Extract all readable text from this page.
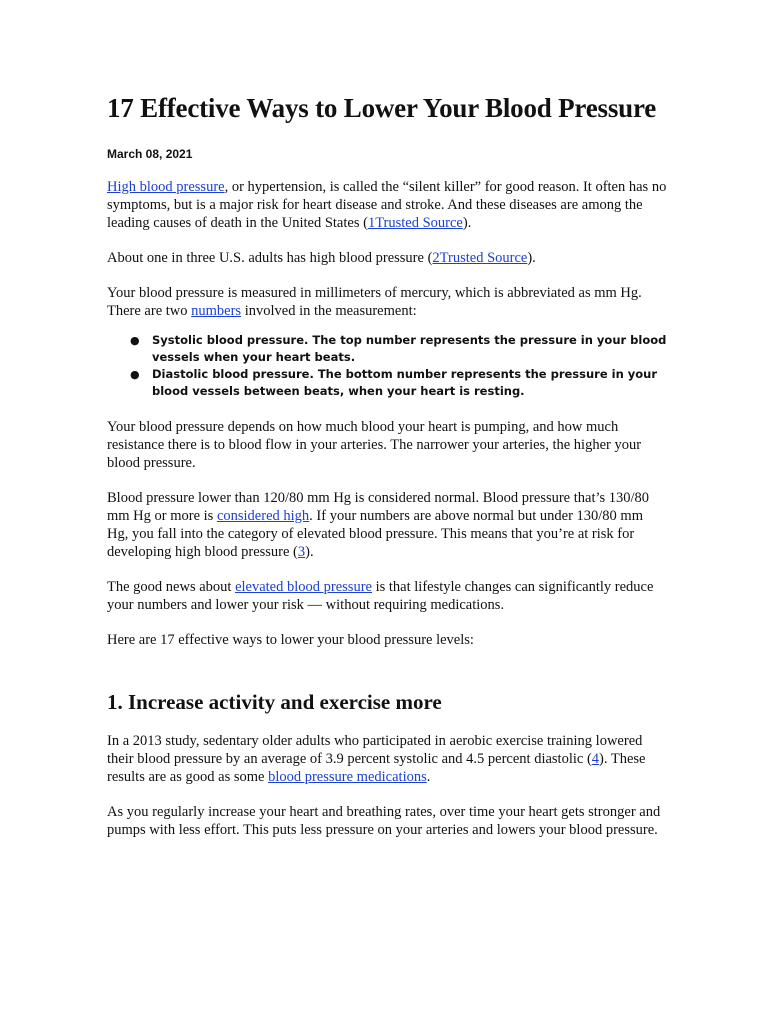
17 Effective Ways to Lower Your Blood Pressure
March 08, 2021

High blood pressure, or hypertension, is called the “silent killer” for good reason. It often has no symptoms, but is a major risk for heart disease and stroke. And these diseases are among the leading causes of death in the United States (1Trusted Source).

About one in three U.S. adults has high blood pressure (2Trusted Source).

Your blood pressure is measured in millimeters of mercury, which is abbreviated as mm Hg. There are two numbers involved in the measurement:

● Systolic blood pressure. The top number represents the pressure in your blood vessels when your heart beats.
● Diastolic blood pressure. The bottom number represents the pressure in your blood vessels between beats, when your heart is resting.

Your blood pressure depends on how much blood your heart is pumping, and how much resistance there is to blood flow in your arteries. The narrower your arteries, the higher your blood pressure.

Blood pressure lower than 120/80 mm Hg is considered normal. Blood pressure that’s 130/80 mm Hg or more is considered high. If your numbers are above normal but under 130/80 mm Hg, you fall into the category of elevated blood pressure. This means that you’re at risk for developing high blood pressure (3).

The good news about elevated blood pressure is that lifestyle changes can significantly reduce your numbers and lower your risk — without requiring medications.

Here are 17 effective ways to lower your blood pressure levels:

1. Increase activity and exercise more

In a 2013 study, sedentary older adults who participated in aerobic exercise training lowered their blood pressure by an average of 3.9 percent systolic and 4.5 percent diastolic (4). These results are as good as some blood pressure medications.

As you regularly increase your heart and breathing rates, over time your heart gets stronger and pumps with less effort. This puts less pressure on your arteries and lowers your blood pressure.
